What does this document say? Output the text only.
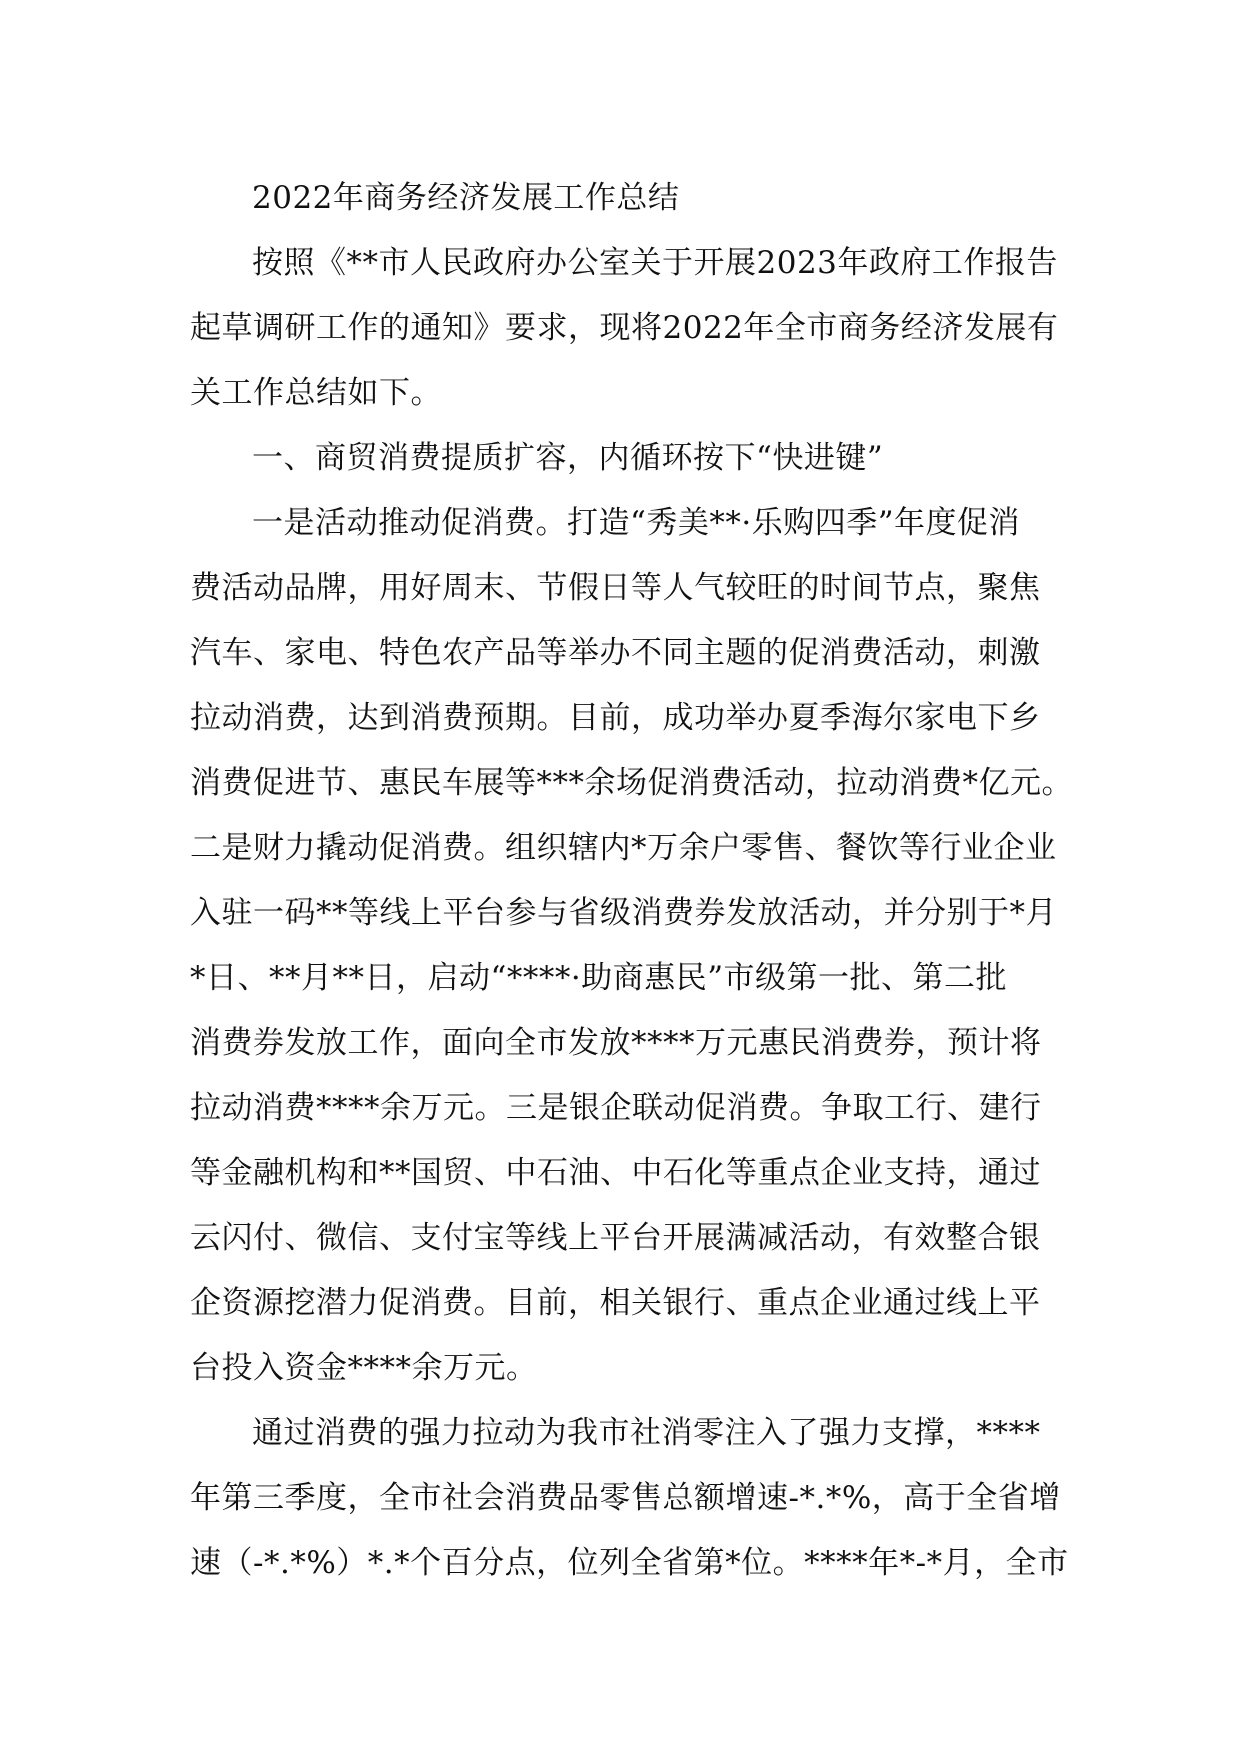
2022年商务经济发展工作总结
按照《**市人民政府办公室关于开展2023年政府工作报告
起草调研工作的通知》要求，现将2022年全市商务经济发展有
关工作总结如下。
一、商贸消费提质扩容，内循环按下“快进键”
一是活动推动促消费。打造“秀美**·乐购四季”年度促消
费活动品牌，用好周末、节假日等人气较旺的时间节点，聚焦
汽车、家电、特色农产品等举办不同主题的促消费活动，刺激
拉动消费，达到消费预期。目前，成功举办夏季海尔家电下乡
消费促进节、惠民车展等***余场促消费活动，拉动消费*亿元。
二是财力撬动促消费。组织辖内*万余户零售、餐饮等行业企业
入驻一码**等线上平台参与省级消费券发放活动，并分别于*月
*日、**月**日，启动“****·助商惠民”市级第一批、第二批
消费券发放工作，面向全市发放****万元惠民消费券，预计将
拉动消费****余万元。三是银企联动促消费。争取工行、建行
等金融机构和**国贸、中石油、中石化等重点企业支持，通过
云闪付、微信、支付宝等线上平台开展满减活动，有效整合银
企资源挖潜力促消费。目前，相关银行、重点企业通过线上平
台投入资金****余万元。
通过消费的强力拉动为我市社消零注入了强力支撑，****
年第三季度，全市社会消费品零售总额增速-*.*%，高于全省增
速（-*.*%）*.*个百分点，位列全省第*位。****年*-*月，全市
